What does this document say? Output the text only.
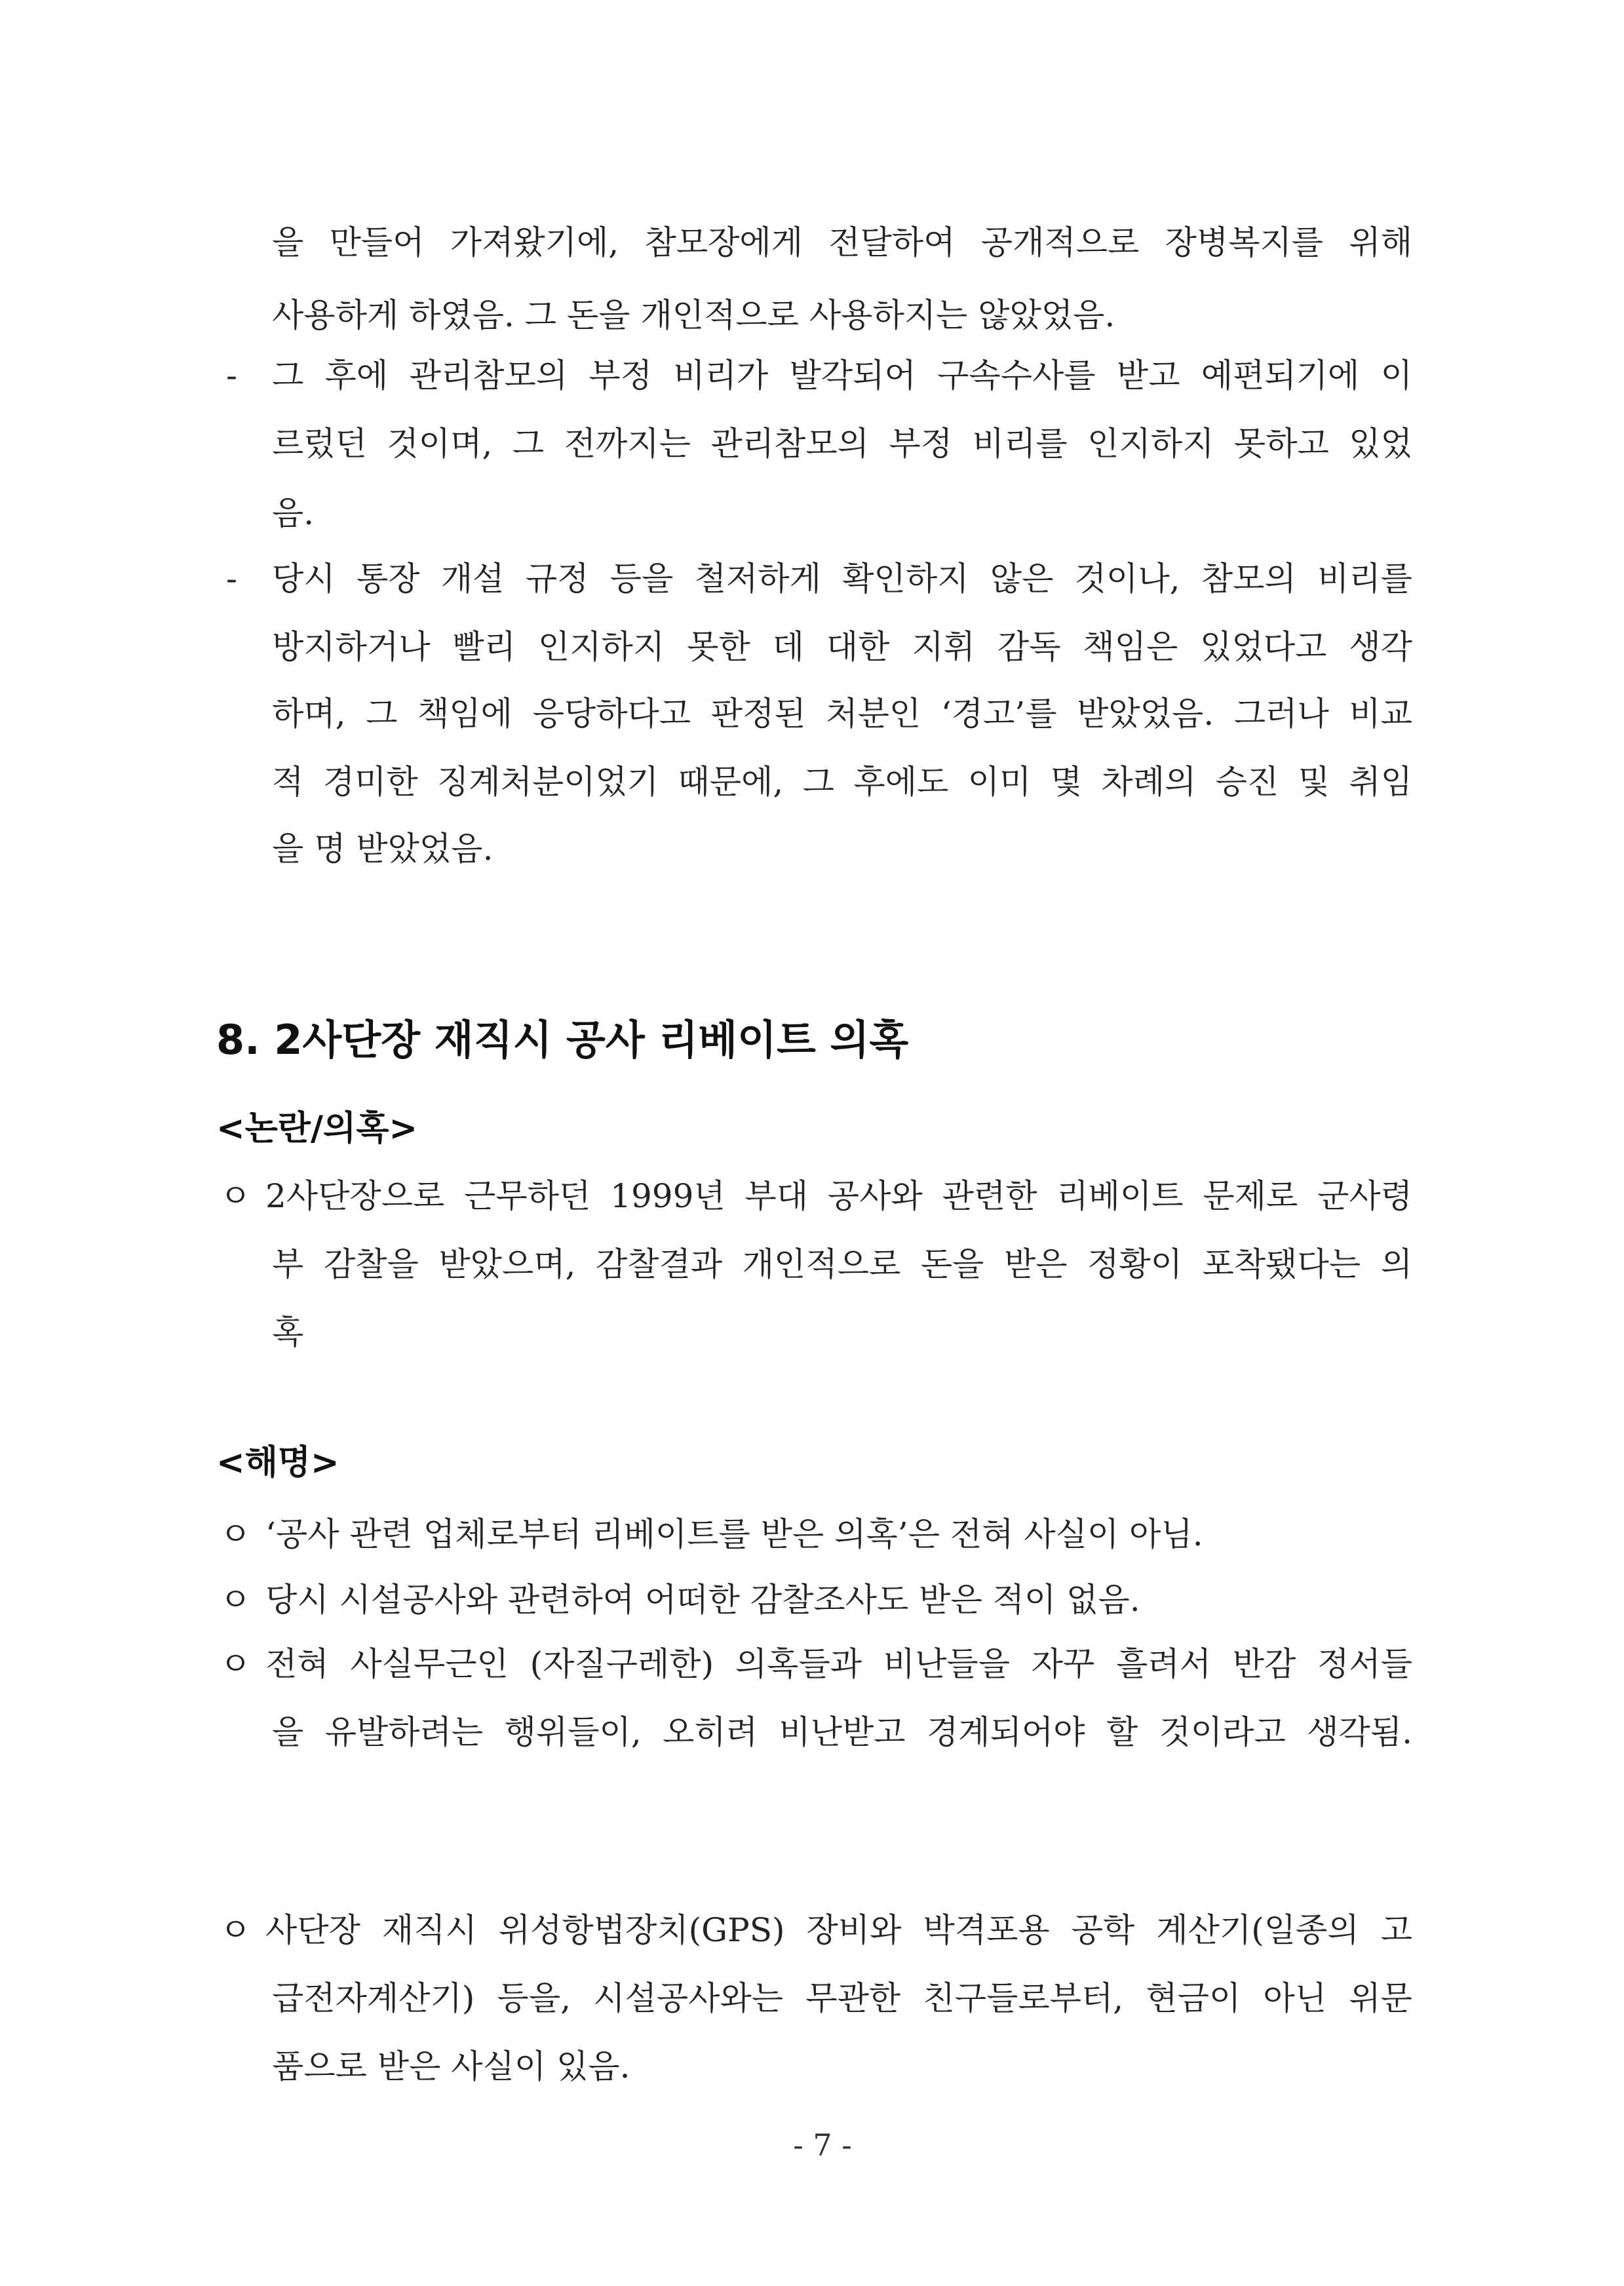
을 만들어 가져왔기에, 참모장에게 전달하여 공개적으로 장병복지를 위해
사용하게 하였음. 그 돈을 개인적으로 사용하지는 않았었음.
- 그 후에 관리참모의 부정 비리가 발각되어 구속수사를 받고 예편되기에 이
르렀던 것이며, 그 전까지는 관리참모의 부정 비리를 인지하지 못하고 있었
음.
- 당시 통장 개설 규정 등을 철저하게 확인하지 않은 것이나, 참모의 비리를
방지하거나 빨리 인지하지 못한 데 대한 지휘 감독 책임은 있었다고 생각
하며, 그 책임에 응당하다고 판정된 처분인 ‘경고’를 받았었음. 그러나 비교
적 경미한 징계처분이었기 때문에, 그 후에도 이미 몇 차례의 승진 및 취임
을 명 받았었음.
8. 2사단장 재직시 공사 리베이트 의혹
<논란/의혹>
ㅇ 2사단장으로 근무하던 1999년 부대 공사와 관련한 리베이트 문제로 군사령
부 감찰을 받았으며, 감찰결과 개인적으로 돈을 받은 정황이 포착됐다는 의
혹
<해명>
ㅇ ‘공사 관련 업체로부터 리베이트를 받은 의혹’은 전혀 사실이 아님.
ㅇ 당시 시설공사와 관련하여 어떠한 감찰조사도 받은 적이 없음.
ㅇ 전혀 사실무근인 (자질구레한) 의혹들과 비난들을 자꾸 흘려서 반감 정서들
을 유발하려는 행위들이, 오히려 비난받고 경계되어야 할 것이라고 생각됨.
ㅇ 사단장 재직시 위성항법장치(GPS) 장비와 박격포용 공학 계산기(일종의 고
급전자계산기) 등을, 시설공사와는 무관한 친구들로부터, 현금이 아닌 위문
품으로 받은 사실이 있음.
- 7 -
